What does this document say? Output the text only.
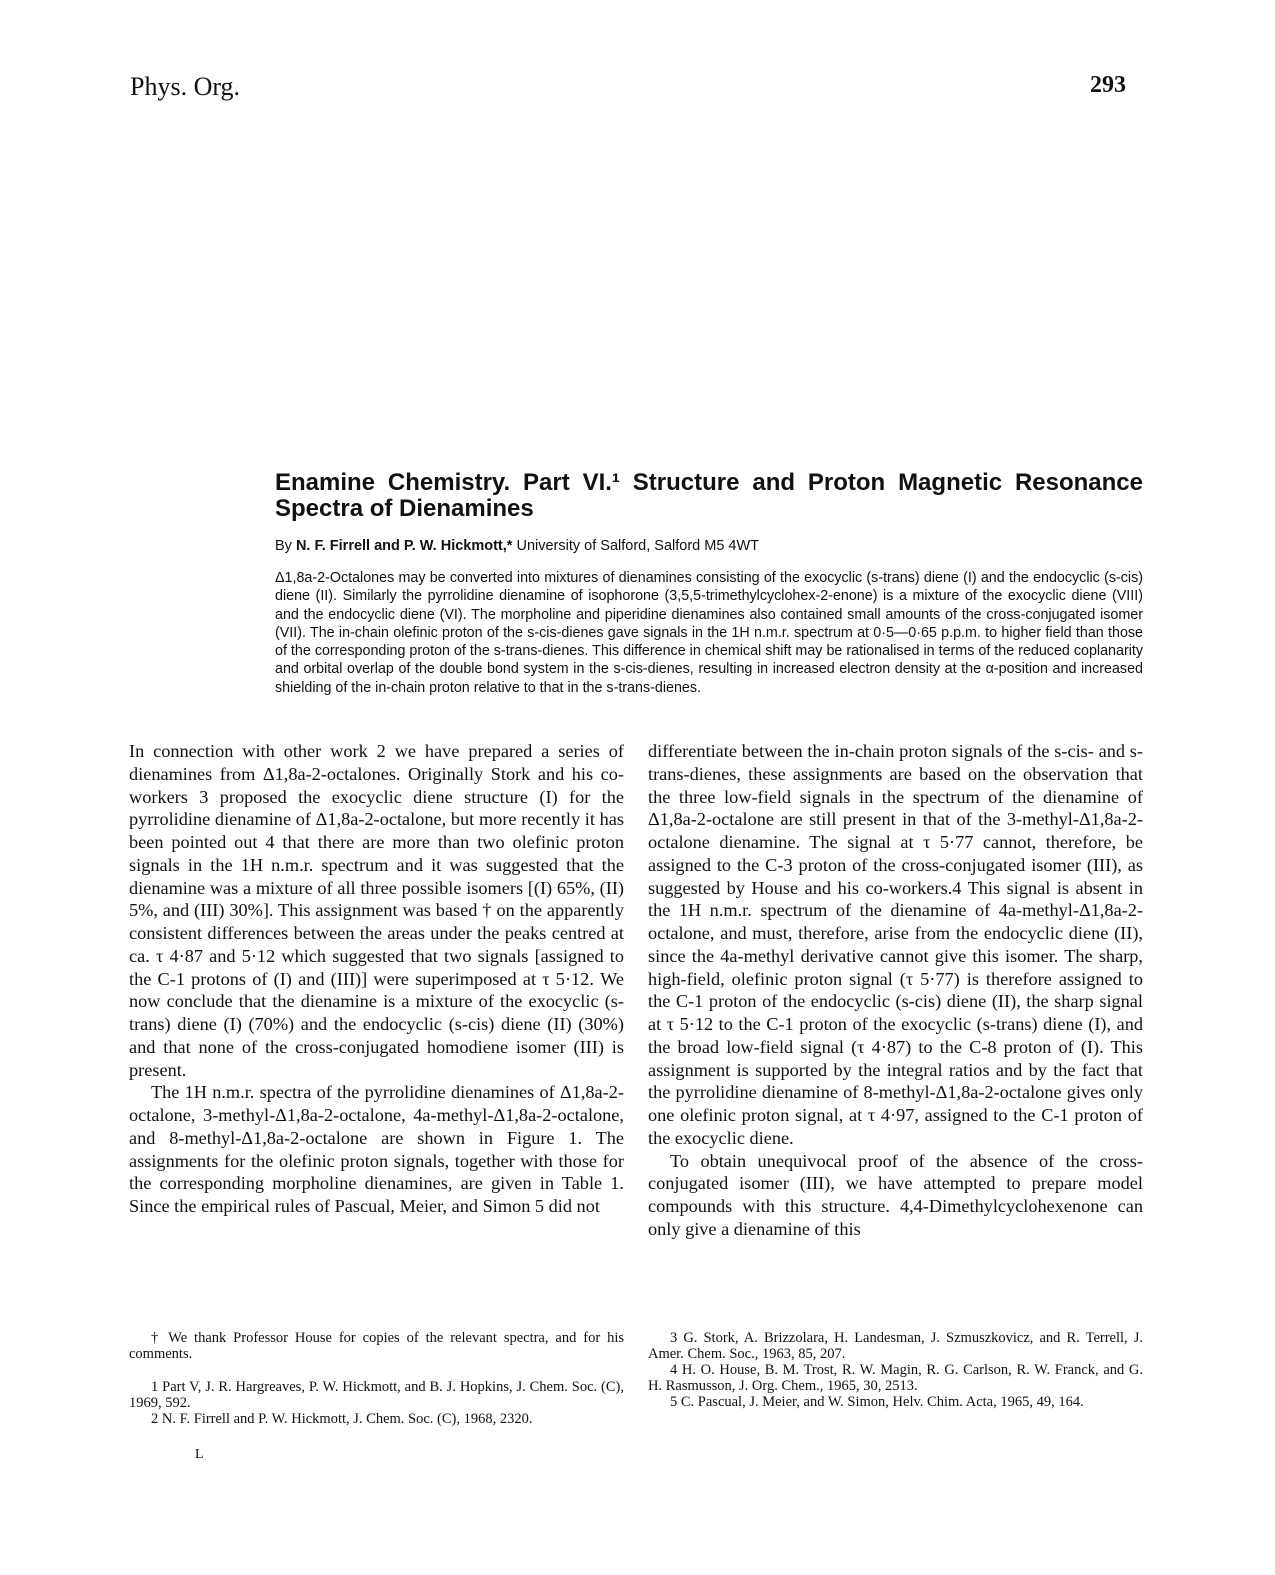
Phys. Org.	293
Enamine Chemistry. Part VI.¹ Structure and Proton Magnetic Resonance Spectra of Dienamines
By N. F. Firrell and P. W. Hickmott,* University of Salford, Salford M5 4WT
Δ1,8a-2-Octalones may be converted into mixtures of dienamines consisting of the exocyclic (s-trans) diene (I) and the endocyclic (s-cis) diene (II). Similarly the pyrrolidine dienamine of isophorone (3,5,5-trimethylcyclohex-2-enone) is a mixture of the exocyclic diene (VIII) and the endocyclic diene (VI). The morpholine and piperidine dienamines also contained small amounts of the cross-conjugated isomer (VII). The in-chain olefinic proton of the s-cis-dienes gave signals in the 1H n.m.r. spectrum at 0·5—0·65 p.p.m. to higher field than those of the corresponding proton of the s-trans-dienes. This difference in chemical shift may be rationalised in terms of the reduced coplanarity and orbital overlap of the double bond system in the s-cis-dienes, resulting in increased electron density at the α-position and increased shielding of the in-chain proton relative to that in the s-trans-dienes.

In connection with other work 2 we have prepared a series of dienamines from Δ1,8a-2-octalones. Originally Stork and his co-workers 3 proposed the exocyclic diene structure (I) for the pyrrolidine dienamine of Δ1,8a-2-octalone, but more recently it has been pointed out 4 that there are more than two olefinic proton signals in the 1H n.m.r. spectrum and it was suggested that the dienamine was a mixture of all three possible isomers [(I) 65%, (II) 5%, and (III) 30%]. This assignment was based † on the apparently consistent differences between the areas under the peaks centred at ca. τ 4·87 and 5·12 which suggested that two signals [assigned to the C-1 protons of (I) and (III)] were superimposed at τ 5·12. We now conclude that the dienamine is a mixture of the exocyclic (s-trans) diene (I) (70%) and the endocyclic (s-cis) diene (II) (30%) and that none of the cross-conjugated homodiene isomer (III) is present.

The 1H n.m.r. spectra of the pyrrolidine dienamines of Δ1,8a-2-octalone, 3-methyl-Δ1,8a-2-octalone, 4a-methyl-Δ1,8a-2-octalone, and 8-methyl-Δ1,8a-2-octalone are shown in Figure 1. The assignments for the olefinic proton signals, together with those for the corresponding morpholine dienamines, are given in Table 1. Since the empirical rules of Pascual, Meier, and Simon 5 did not

differentiate between the in-chain proton signals of the s-cis- and s-trans-dienes, these assignments are based on the observation that the three low-field signals in the spectrum of the dienamine of Δ1,8a-2-octalone are still present in that of the 3-methyl-Δ1,8a-2-octalone dienamine. The signal at τ 5·77 cannot, therefore, be assigned to the C-3 proton of the cross-conjugated isomer (III), as suggested by House and his co-workers.4 This signal is absent in the 1H n.m.r. spectrum of the dienamine of 4a-methyl-Δ1,8a-2-octalone, and must, therefore, arise from the endocyclic diene (II), since the 4a-methyl derivative cannot give this isomer. The sharp, high-field, olefinic proton signal (τ 5·77) is therefore assigned to the C-1 proton of the endocyclic (s-cis) diene (II), the sharp signal at τ 5·12 to the C-1 proton of the exocyclic (s-trans) diene (I), and the broad low-field signal (τ 4·87) to the C-8 proton of (I). This assignment is supported by the integral ratios and by the fact that the pyrrolidine dienamine of 8-methyl-Δ1,8a-2-octalone gives only one olefinic proton signal, at τ 4·97, assigned to the C-1 proton of the exocyclic diene.

To obtain unequivocal proof of the absence of the cross-conjugated isomer (III), we have attempted to prepare model compounds with this structure. 4,4-Dimethylcyclohexenone can only give a dienamine of this

† We thank Professor House for copies of the relevant spectra, and for his comments.

1 Part V, J. R. Hargreaves, P. W. Hickmott, and B. J. Hopkins, J. Chem. Soc. (C), 1969, 592.

2 N. F. Firrell and P. W. Hickmott, J. Chem. Soc. (C), 1968, 2320.

L

3 G. Stork, A. Brizzolara, H. Landesman, J. Szmuszkovicz, and R. Terrell, J. Amer. Chem. Soc., 1963, 85, 207.

4 H. O. House, B. M. Trost, R. W. Magin, R. G. Carlson, R. W. Franck, and G. H. Rasmusson, J. Org. Chem., 1965, 30, 2513.

5 C. Pascual, J. Meier, and W. Simon, Helv. Chim. Acta, 1965, 49, 164.
